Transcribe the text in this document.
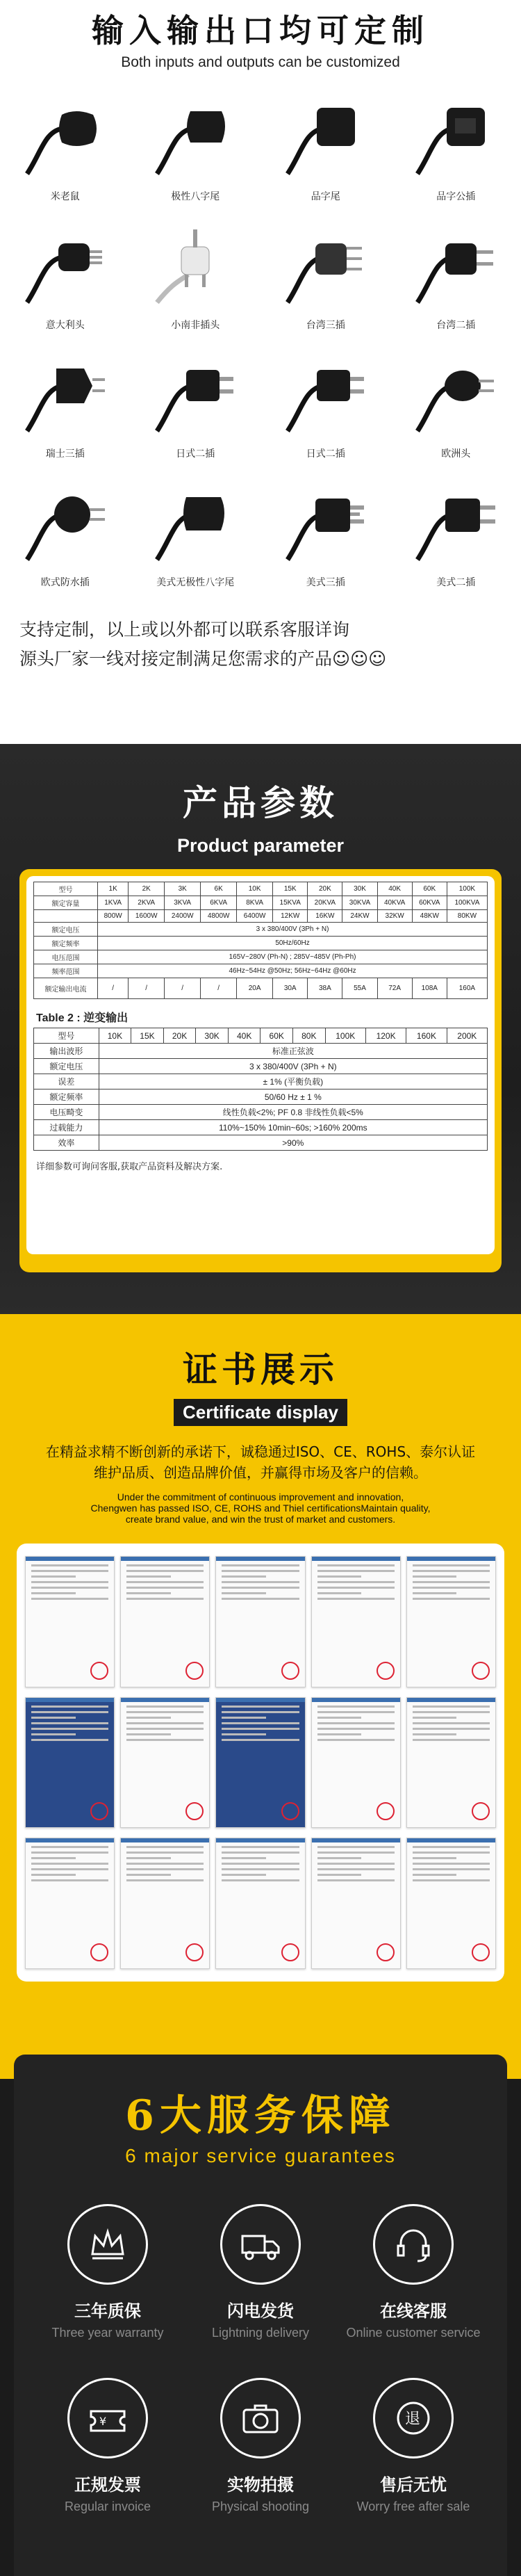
输入输出口均可定制
Both inputs and outputs can be customized
米老鼠	极性八字尾	品字尾	品字公插
意大利头	小南非插头	台湾三插	台湾二插
瑞士三插	日式二插	日式二插	欧洲头
欧式防水插	美式无极性八字尾	美式三插	美式二插
支持定制，以上或以外都可以联系客服详询
源头厂家一线对接定制满足您需求的产品☺☺☺
产品参数
Product parameter
型号	1K	2K	3K	6K	10K	15K	20K	30K	40K	60K	100K
额定容量	1KVA	2KVA	3KVA	6KVA	8KVA	15KVA	20KVA	30KVA	40KVA	60KVA	100KVA
	800W	1600W	2400W	4800W	6400W	12KW	16KW	24KW	32KW	48KW	80KW
额定电压	3 x 380/400V (3Ph + N)										
额定频率	50Hz/60Hz										
电压范围	165V~280V (Ph-N) ; 285V~485V (Ph-Ph)										
频率范围	46Hz~54Hz @50Hz; 56Hz~64Hz @60Hz										
额定输出电流	/	/	/	/	20A	30A	38A	55A	72A	108A	160A
Table 2 : 逆变输出
型号	10K	15K	20K	30K	40K	60K	80K	100K	120K	160K	200K
输出波形	标准正弦波										
额定电压	3 x 380/400V (3Ph + N)										
误差	± 1% (平衡负载)										
额定频率	50/60 Hz ± 1 %										
电压畸变	线性负载<2%; PF 0.8 非线性负载<5%										
过载能力	110%~150% 10min~60s; >160% 200ms										
效率	>90%										
详细参数可询问客服,获取产品资料及解决方案.
证书展示
Certificate display
在精益求精不断创新的承诺下，诚稳通过ISO、CE、ROHS、泰尔认证
维护品质、创造品牌价值，并赢得市场及客户的信赖。
Under the commitment of continuous improvement and innovation,
Chengwen has passed ISO, CE, ROHS and Thiel certificationsMaintain quality,
create brand value, and win the trust of market and customers.
6大服务保障
6 major service guarantees
三年质保
Three year warranty
闪电发货
Lightning delivery
在线客服
Online customer service
¥
正规发票
Regular invoice
实物拍摄
Physical shooting
退
售后无忧
Worry free after sale
